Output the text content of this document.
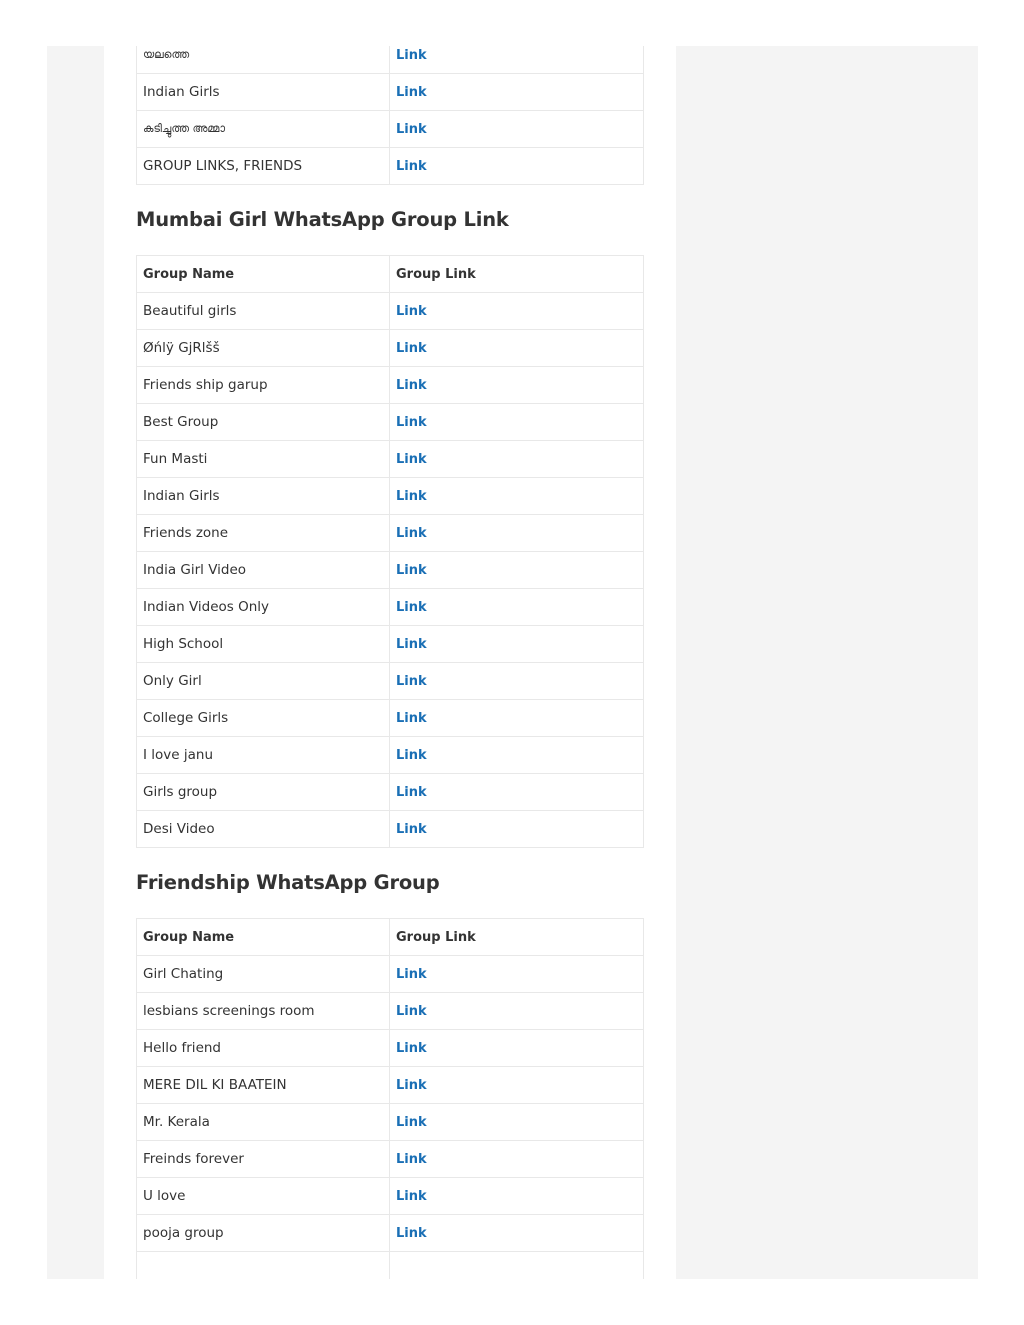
യലത്തെ	Link
Indian Girls	Link
കടിച്ചുത്ത അമ്മാ	Link
GROUP LINKS, FRIENDS	Link
Mumbai Girl WhatsApp Group Link
Group Name	Group Link
Beautiful girls	Link
Øńlÿ GjRlšš	Link
Friends ship garup	Link
Best Group	Link
Fun Masti	Link
Indian Girls	Link
Friends zone	Link
India Girl Video	Link
Indian Videos Only	Link
High School	Link
Only Girl	Link
College Girls	Link
I love janu	Link
Girls group	Link
Desi Video	Link
Friendship WhatsApp Group
Group Name	Group Link
Girl Chating	Link
lesbians screenings room	Link
Hello friend	Link
MERE DIL KI BAATEIN	Link
Mr. Kerala	Link
Freinds forever	Link
U love	Link
pooja group	Link
